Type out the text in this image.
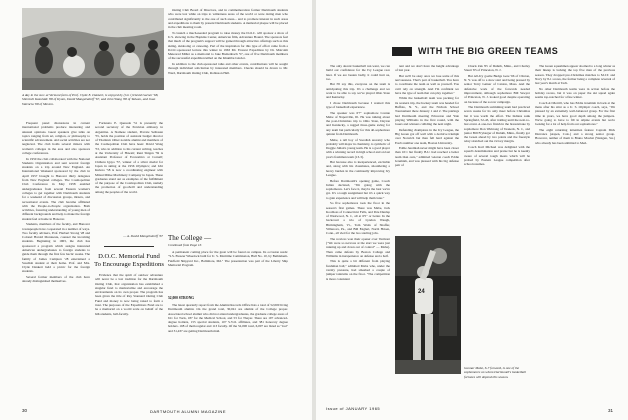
A day in the sun: at Vermont farm of Prof. Clyde E. Dankert, is enjoyed by (l to r) David Garner '68, Shiroishi Kazuhide '68 of Kyoto, David Mangelsdorff '67, and John Wang '68 of Taiwan, and Juan Valencia '68 of Mexico.

Frequent panel discussions in current international problems produce interesting and unusual opinions. Guest speakers give talks on topics ranging from art, religion, or philosophy to scientific advancement. Aid social activities are not neglected. The club holds several mixers with women's colleges in the area and also sponsors college conferences.

In 1950 the club collaborated with the National Students Organization and sent several foreign students on a trip around New England. An International Weekend sponsored by the club in April 1957 brought to Hanover thirty delegates from New England colleges. The Cosmopolitan Club Conference in May 1958 enabled undergraduates from several Eastern women's colleges to get together with Dartmouth students for a weekend of discussion groups, mixers, and recreational events. The club became affiliated with the People-to-People organization. Both activities, fostering understanding of young men of different backgrounds and help to make the foreign student feel at home in Hanover.

Students, members of the faculty, and Hanover townspeople have cooperated in a number of ways. Two faculty advisers, Prof. Herbert Strong '28 and Colonel Harold Monteeste, counsel the incoming students. Beginning in 1963, the club has sponsored a program which assigns interested American undergraduates to foreign students to guide them through the first few hectic weeks. The family of James Campion '28 entertained a Swedish student at their home. Prof. and Mrs. Clyde Dankert held a picnic for the foreign students.

Several former members of the club have already distinguished themselves.

Fortunato E. Quesada '51 is presently the second secretary of the Peruvian embassy in Argentina. A Siamese student, Pravate Sethasan '55, holds the position of assistant budget director of Thailand. Other notable alumni and members of the Cosmopolitan Club have been: David Wang '53, who in addition to his current writing, teaches at the University of Hawaii; Reni Shigen '59 is Assistant Professor of Economics at Cornell; Chiharu Igaya '57, winner of a silver medal for Japan in skiing at the 1956 Olympics; and Ichi Kuboto '58 is now a coordinating engineer with Mitsui Miike Machinery Company in Japan. These graduates stand out as examples of the fulfillment of the purpose of the Cosmopolitan Club, namely the promotion of goodwill and understanding among the peoples of the world.

— A. David Mangelsdorff '67
D.O.C. Memorial Fund
To Encourage Expeditions

Evidence that the spirit of outdoor adventure will never be a lost tradition for the Dartmouth Outing Club, that organization has established a singular fund to memorialize and encourage the environments on its own proper. The program has been given the title of Ray Stannard Outing Club Fund and money is now being raised to form a trust. The purposes of the Expeditions Fund are to be a memorial on a world scale on behalf of the hill-students, ball-faculty.

Outing Club Board of Directors, and in commemoration former Dartmouth students who were lost while on trips to wilderness areas of the world or were daring men who contributed significantly to the one of such areas... and to promote interest in such areas and expeditions to them by present Dartmouth students. A memorial plaque will be placed in the club meeting room.

To launch a much-needed program to raise money the D.O.C. will sponsor a show of U.S. showing in the Hopkins Center, American film, Adventure Bound. The sponsors feel that much of the program's support will be gained through attractive offerings such as this skiing, skidooing or canoeing. Part of the inspiration for this type of effort came from a D.O.C.sponsored lecture this winter in 1963 Mt. Everest Expedition by Dr. Malcolm Meteorad Miller as a memorial to Jake Breitenbach '57, one of five Dartmouth members of the successful expedition killed on the Khumbu Glacier.

In addition to the club-sponsored talks and other events, contributions will be sought through individual solicitation by interested members. Checks should be drawn to Mr. Ward, Dartmouth Outing Club, Robinson Hall.

The College —
Continued from Page 16

A permanent coming place for the great will be found on campus. Its occasion reads: "S.S. Eleazer Wheelock built for U. S. Maritime Commission, Hull No. 10, by Bethlehem-Fairfield Shipyard Inc., Baltimore, Md." The presentation was part of the Liberty Ship Memorial Program.

52,000 STRONG

The latest quarterly report from the Alumni Records Office lists a total of 52,000 living Dartmouth alumni. On the grand total, 30,041 are alumni of the College proper. Associated school alumni who did not attend undergraduates, the graduate college areas of 611 for Tuck, 187 for the Medical School, and 53 for Thayer. There are 197 advanced-degree holders, 155 special students, 107 S.V.O. affiliates, and 381 honorary degree holders. 168 of them regular and 113 faculty. Of the 52,000 total, 6,007 are listed as "lost" and 31,437 are getting Dartmouth mail.

30	DARTMOUTH ALUMNI MAGAZINE
WITH THE BIG GREEN TEAMS

The only decent basketball run went, we can build our confidence for the Ivy League race later. If we are beaten badly, it could hurt us, too.

But I'll say this, everyone on the team is anticipating this trip. It's a challenge and we want to be able to say we've played Ohio State and Kentucky.

I chose Dartmouth because I wanted this type of basketball experience.

The speaker was 6'7" sophomore Connie Mabe of Naperville, Ill. He was talking about the post-Christmas trip to Ohio State, Dayton and Kentucky, a rugged three-game swing for any team but particularly for this all-sophomore quintet from Dartmouth.

Mabe, a tall boy of Swedish ancestry who probably will major in chemistry, is symbolic of Doggie Julian's young team. He is a good player with a winning record in high school and on last year's freshman team (13-3).

But because also is inexperienced, excitable and, along with his classmates, shouldering a heavy burden in the continually improving Ivy League.

Before Dartmouth's opening game, Coach Julian declared, "I'm going with the sophomores. Let's face it, they're the best we've got. It's a tough assignment but it's a quick way to gain experience and will help them later."

So five sophomores took the floor in the season's first games. There was Mabe, Jack Koolhoss of Connecticut Falls, and Pete Dunlap of Westwood, N. J., all at 6'5" or better. In the backcourt a trio of Lyndon Waugh, Birmingham, Vt., Tom Watts of Shaffer, Villanova, Pa., and Bill Englert, North Haven, Conn., all vied for the two starting jobs.

The novices won their opener over Vermont ("We were so nervous at the start we were just running up and down out of control" — Mabe). Then came defeats by Boston College and Williams in inexperience on defense and a half.

This is quite a bit different from playing freshman ball," admitted Mabe who, under the varsity pressure, had smashed a couple of jumper tantrums on the floor. "The competition is more consistent

tent and we don't have the height advantage of last year.

But we'll be okay once we lose some of this nervousness. That's part of basketball. You have to coordinate the team as well as yourself. You can't rely on strength. And I'm confident we have the type of team that can play together."

While the basketball team was packing for its western trip, the hockey team was headed for Buffalo, N. Y., and the Nichols School Tournament there January 1 and 2. The pairings had Dartmouth meeting Princeton and Yale playing Williams in the first round, with the losers and winners colliding the next night.

Defending champions in the Ivy League, the Big Green got off well with a decisive triumph over Norwich but then fell hard against the East's number one team, Boston University.

Eddie Jeremiah never might have been closer than 10:1 but finally B.U. had reached a better team than ours," admitted veteran coach Eddie Jeremiah, and was pleased with his big defense pair of

24
Gunnar Mabe, 6-7 forward, is one of the sophomores on whom Dartmouth's basketball fortunes will depend this season.

Chuck Zak '65 of Duluth, Minn., and Charley Stuart '65 of Princeton, N. J.

But All-Ivy goalie Budge Gere '66 of Clinton, N. Y. was off to a slow start and being pressed by senior Terry Gainer of Canton, Mass. And the defensive work of the forwards needed improvement, although sophomore Bill Sawyer of Princeton, N. J. looked good despite operating on because of the soccer campaign.

The Dartmouth swimming team had practiced seven weeks for its only meet before Christmas but it was worth the effort. The Indians sank Springfield, 52-43, after trailing until the next-to-last event. A one-two finish in the breaststroke by sophomore Don Wuhrong of Teaneck, N. J., and junior Bill Frybarger of Duluth, Minn., finally got the Green ahead by two points and the freestyle relay stretched out the victory margin.

Coach Karl Michael was delighted with the squad's determination and praise but he is keenly aware of several tough meets which will be probed by Eastern League competition after school resumes.

The Green squashmen appear doomed to a long winter as their lineup is lacking the top five men of the previous season. They dropped pre-Christmas matches to M.I.T. and Navy by 8-1 scores, the former being a complete reversal of last year's match at Tech.

No other Dartmouth teams were in action before the holiday recess, but it was on paper the ski squad again seems top-notched for a fine winter.

Coach Al Merrill, who has Eddie Jeremiah in back at the mens after his stint as a U. S. Olympic coach, says, "I'm pleased by an extremely well-balanced group. For the first time in years, we have good depth among the jumpers. We're going to have to fill in Alpine events but we're looking for a lot of help from our sophomores."

The eight returning lettermen feature Captain Dick Durrance (Aspen, Colo.) and a strong senior group. However, neither of them is Bruno Mosbat (Wengen, Sw.) who already has been admitted to Med-

Issue of JANUARY 1965	31
